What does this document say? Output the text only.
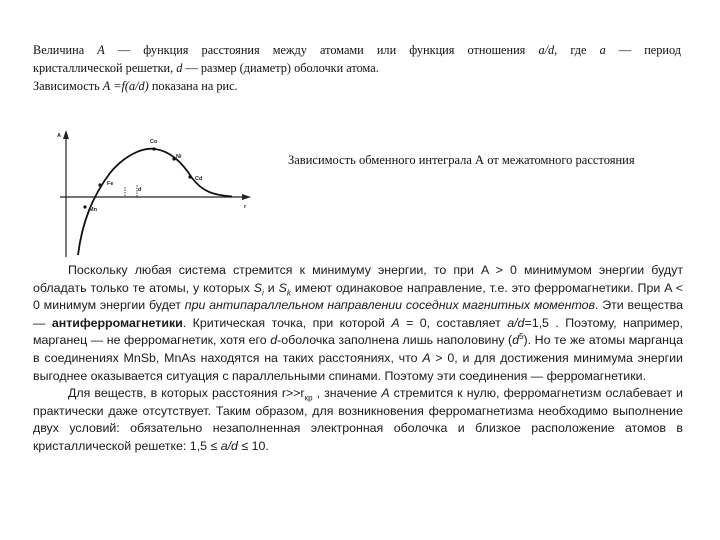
Величина A — функция расстояния между атомами или функция отношения a/d, где a — период

кристаллической решетки, d — размер (диаметр) оболочки атома.

Зависимость A =f(a/d) показана на рис.

A
r
Co
Ni
Fe
Cd
Mn
d
Зависимость обменного интеграла А от межатомного расстояния

Поскольку любая система стремится к минимуму энергии, то при A > 0 минимумом энергии будут обладать только те атомы, у которых $S_i$ и $S_k$ имеют одинаковое направление, т.е. это ферромагнетики. При A < 0 минимум энергии будет при антипараллельном направлении соседних магнитных моментов. Эти вещества — антиферромагнетики. Критическая точка, при которой A = 0, составляет a/d=1,5 . Поэтому, например, марганец — не ферромагнетик, хотя его d-оболочка заполнена лишь наполовину $(d^5)$. Но те же атомы марганца в соединениях MnSb, MnAs находятся на таких расстояниях, что A > 0, и для достижения минимума энергии выгоднее оказывается ситуация с параллельными спинами. Поэтому эти соединения — ферромагнетики.

Для веществ, в которых расстояния $r>>r_{кр}$ , значение A стремится к нулю, ферромагнетизм ослабевает и практически даже отсутствует. Таким образом, для возникновения ферромагнетизма необходимо выполнение двух условий: обязательно незаполненная электронная оболочка и близкое расположение атомов в кристаллической решетке: 1,5 ≤ a/d ≤ 10.
